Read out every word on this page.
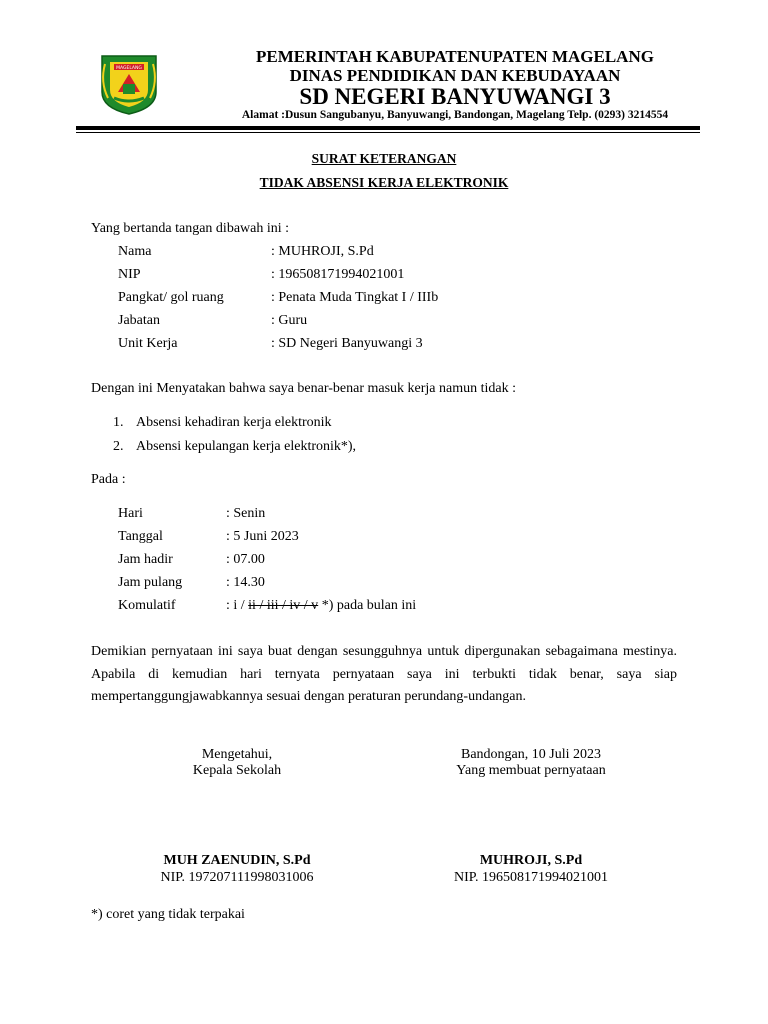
MAGELANG
PEMERINTAH KABUPATENUPATEN MAGELANG
DINAS PENDIDIKAN DAN KEBUDAYAAN
SD NEGERI BANYUWANGI 3
Alamat :Dusun Sangubanyu, Banyuwangi, Bandongan, Magelang Telp. (0293) 3214554
SURAT KETERANGAN
TIDAK ABSENSI KERJA ELEKTRONIK
Yang bertanda tangan dibawah ini :
Nama	: MUHROJI, S.Pd
NIP	: 196508171994021001
Pangkat/ gol ruang	: Penata Muda Tingkat I / IIIb
Jabatan	: Guru
Unit Kerja	: SD Negeri Banyuwangi 3
Dengan ini Menyatakan bahwa saya benar-benar masuk kerja namun tidak :
1. Absensi kehadiran kerja elektronik
2. Absensi kepulangan kerja elektronik*),
Pada :
Hari	: Senin
Tanggal	: 5 Juni 2023
Jam hadir	: 07.00
Jam pulang	: 14.30
Komulatif	: i / ii / iii / iv / v *) pada bulan ini
Demikian pernyataan ini saya buat dengan sesungguhnya untuk dipergunakan sebagaimana mestinya. Apabila di kemudian hari ternyata pernyataan saya ini terbukti tidak benar, saya siap mempertanggungjawabkannya sesuai dengan peraturan perundang-undangan.
Mengetahui,
Kepala Sekolah
MUH ZAENUDIN, S.Pd
NIP. 197207111998031006
Bandongan, 10 Juli 2023
Yang membuat pernyataan
MUHROJI, S.Pd
NIP. 196508171994021001
*) coret yang tidak terpakai
